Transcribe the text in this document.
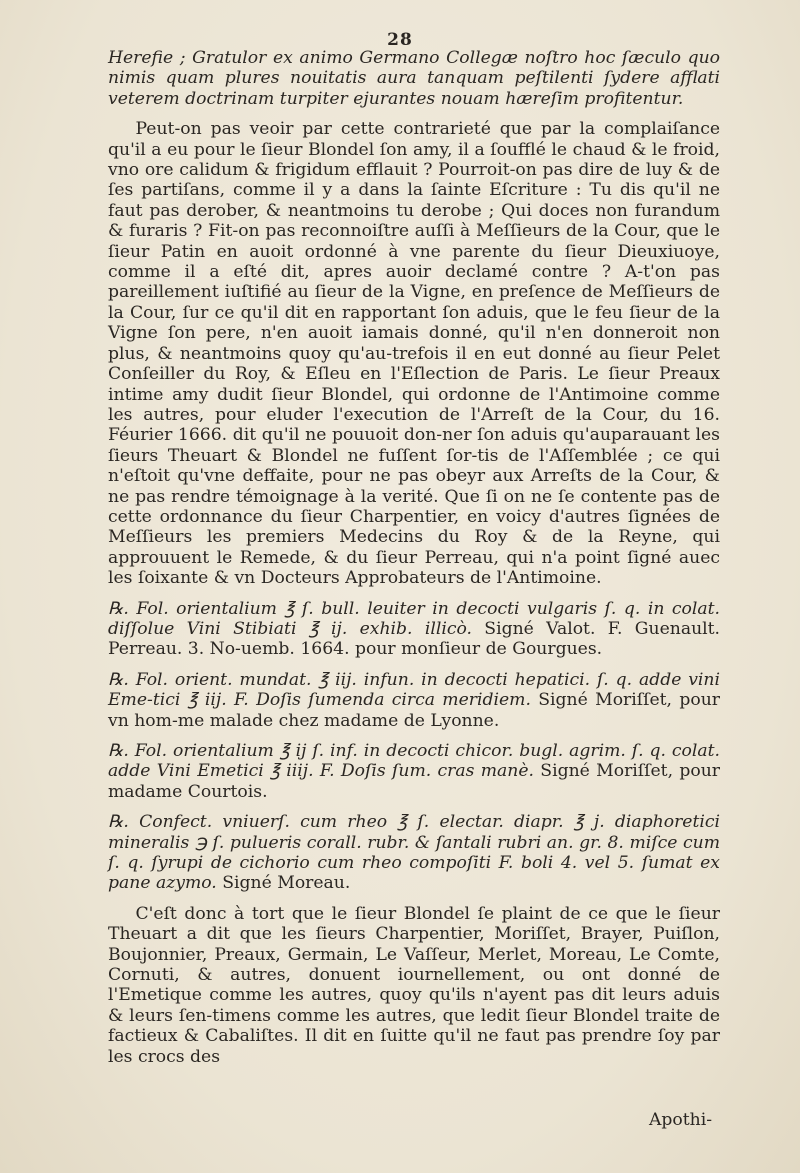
28

Herefie ; Gratulor ex animo Germano Collegæ noſtro hoc ſæculo quo nimis quam plures nouitatis aura tanquam peſtilenti ſydere afflati veterem doctrinam turpiter ejurantes nouam hæreſim profitentur.

Peut-on pas veoir par cette contrarieté que par la complaiſance qu'il a eu pour le ſieur Blondel ſon amy, il a ſoufflé le chaud & le froid, vno ore calidum & frigidum efflauit ? Pourroit-on pas dire de luy & de ſes partiſans, comme il y a dans la ſainte Eſcriture : Tu dis qu'il ne faut pas derober, & neantmoins tu derobe ; Qui doces non furandum & furaris ? Fit-on pas reconnoiſtre auſſi à Meſſieurs de la Cour, que le ſieur Patin en auoit ordonné à vne parente du ſieur Dieuxiuoye, comme il a eſté dit, apres auoir declamé contre ? A-t'on pas pareillement iuſtifié au ſieur de la Vigne, en preſence de Meſſieurs de la Cour, ſur ce qu'il dit en rapportant ſon aduis, que le feu ſieur de la Vigne ſon pere, n'en auoit iamais donné, qu'il n'en donneroit non plus, & neantmoins quoy qu'au-trefois il en eut donné au ſieur Pelet Conſeiller du Roy, & Eſleu en l'Eſlection de Paris. Le ſieur Preaux intime amy dudit ſieur Blondel, qui ordonne de l'Antimoine comme les autres, pour eluder l'execution de l'Arreſt de la Cour, du 16. Féurier 1666. dit qu'il ne pouuoit don-ner ſon aduis qu'auparauant les ſieurs Theuart & Blondel ne fuſſent ſor-tis de l'Aſſemblée ; ce qui n'eſtoit qu'vne deffaite, pour ne pas obeyr aux Arreſts de la Cour, & ne pas rendre témoignage à la verité. Que ſi on ne ſe contente pas de cette ordonnance du ſieur Charpentier, en voicy d'autres ſignées de Meſſieurs les premiers Medecins du Roy & de la Reyne, qui approuuent le Remede, & du ſieur Perreau, qui n'a point ſigné auec les ſoixante & vn Docteurs Approbateurs de l'Antimoine.

℞. Fol. orientalium ℥ ſ. bull. leuiter in decocti vulgaris ſ. q. in colat. diſſolue Vini Stibiati ℥ ij. exhib. illicò. Signé Valot. F. Guenault. Perreau. 3. No-uemb. 1664. pour monſieur de Gourgues.

℞. Fol. orient. mundat. ℥ iij. infun. in decocti hepatici. ſ. q. adde vini Eme-tici ℥ iij. F. Doſis ſumenda circa meridiem. Signé Moriſſet, pour vn hom-me malade chez madame de Lyonne.

℞. Fol. orientalium ℥ ij ſ. inf. in decocti chicor. bugl. agrim. ſ. q. colat. adde Vini Emetici ℥ iiij. F. Doſis ſum. cras manè. Signé Moriſſet, pour madame Courtois.

℞. Confect. vniuerſ. cum rheo ℥ ſ. electar. diapr. ℥ j. diaphoretici mineralis ℈ ſ. pulueris corall. rubr. & ſantali rubri an. gr. 8. miſce cum ſ. q. ſyrupi de cichorio cum rheo compoſiti F. boli 4. vel 5. ſumat ex pane azymo. Signé Moreau.

C'eſt donc à tort que le ſieur Blondel ſe plaint de ce que le ſieur Theuart a dit que les ſieurs Charpentier, Moriſſet, Brayer, Puiſlon, Boujonnier, Preaux, Germain, Le Vaſſeur, Merlet, Moreau, Le Comte, Cornuti, & autres, donuent iournellement, ou ont donné de l'Emetique comme les autres, quoy qu'ils n'ayent pas dit leurs aduis & leurs ſen-timens comme les autres, que ledit ſieur Blondel traite de factieux & Cabaliſtes. Il dit en ſuitte qu'il ne faut pas prendre ſoy par les crocs des

Apothi-
